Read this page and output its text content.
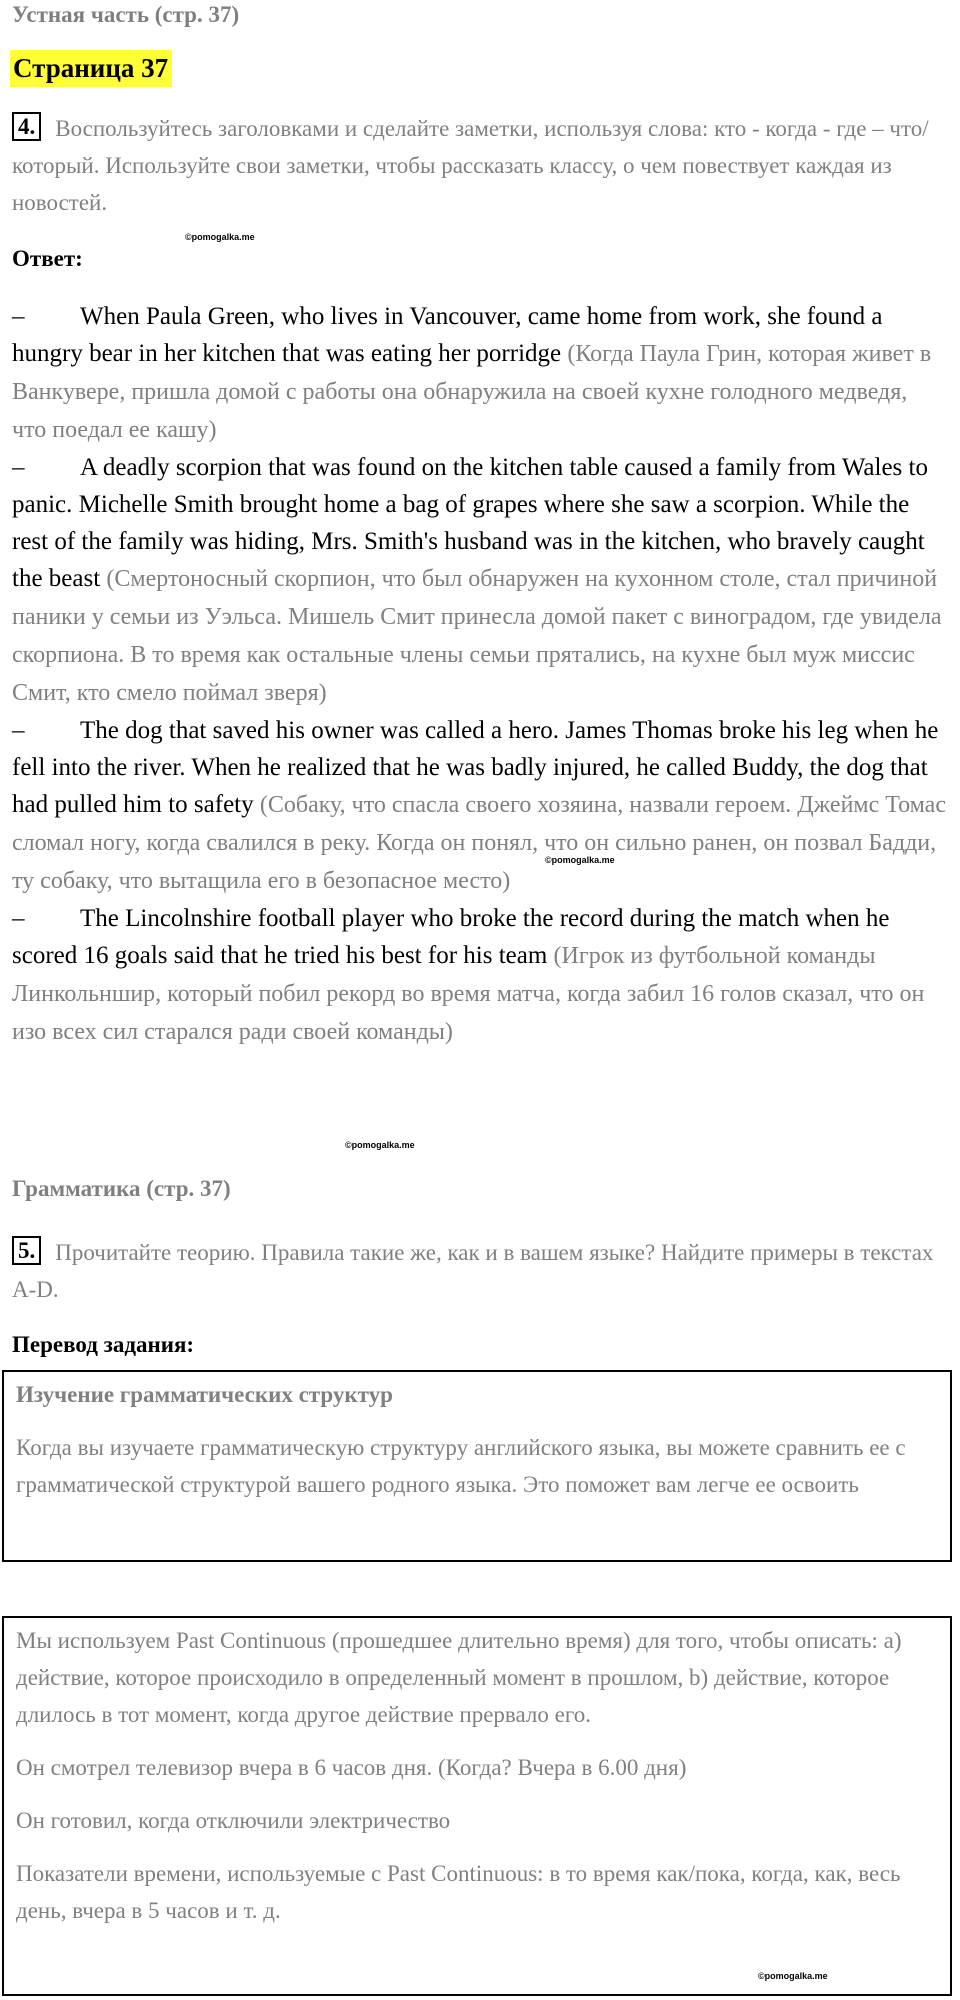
Устная часть (стр. 37)
Страница 37
4. Воспользуйтесь заголовками и сделайте заметки, используя слова: кто - когда - где – что/который. Используйте свои заметки, чтобы рассказать классу, о чем повествует каждая из новостей.
©pomogalka.me
Ответ:

– When Paula Green, who lives in Vancouver, came home from work, she found a hungry bear in her kitchen that was eating her porridge (Когда Паула Грин, которая живет в Ванкувере, пришла домой с работы она обнаружила на своей кухне голодного медведя, что поедал ее кашу)

– A deadly scorpion that was found on the kitchen table caused a family from Wales to panic. Michelle Smith brought home a bag of grapes where she saw a scorpion. While the rest of the family was hiding, Mrs. Smith's husband was in the kitchen, who bravely caught the beast (Смертоносный скорпион, что был обнаружен на кухонном столе, стал причиной паники у семьи из Уэльса. Мишель Смит принесла домой пакет с виноградом, где увидела скорпиона. В то время как остальные члены семьи прятались, на кухне был муж миссис Смит, кто смело поймал зверя)

– The dog that saved his owner was called a hero. James Thomas broke his leg when he fell into the river. When he realized that he was badly injured, he called Buddy, the dog that had pulled him to safety (Собаку, что спасла своего хозяина, назвали героем. Джеймс Томас сломал ногу, когда свалился в реку. Когда он понял, что он сильно ранен, он позвал Бадди, ту собаку, что вытащила его в безопасное место)

– The Lincolnshire football player who broke the record during the match when he scored 16 goals said that he tried his best for his team (Игрок из футбольной команды Линкольншир, который побил рекорд во время матча, когда забил 16 голов сказал, что он изо всех сил старался ради своей команды)

©pomogalka.me
©pomogalka.me
Грамматика (стр. 37)
5. Прочитайте теорию. Правила такие же, как и в вашем языке? Найдите примеры в текстах A-D.
Перевод задания:

Изучение грамматических структур

Когда вы изучаете грамматическую структуру английского языка, вы можете сравнить ее с грамматической структурой вашего родного языка. Это поможет вам легче ее освоить

Мы используем Past Continuous (прошедшее длительно время) для того, чтобы описать: а) действие, которое происходило в определенный момент в прошлом, b) действие, которое длилось в тот момент, когда другое действие прервало его.

Он смотрел телевизор вчера в 6 часов дня. (Когда? Вчера в 6.00 дня)

Он готовил, когда отключили электричество

Показатели времени, используемые с Past Continuous: в то время как/пока, когда, как, весь день, вчера в 5 часов и т. д.

©pomogalka.me
